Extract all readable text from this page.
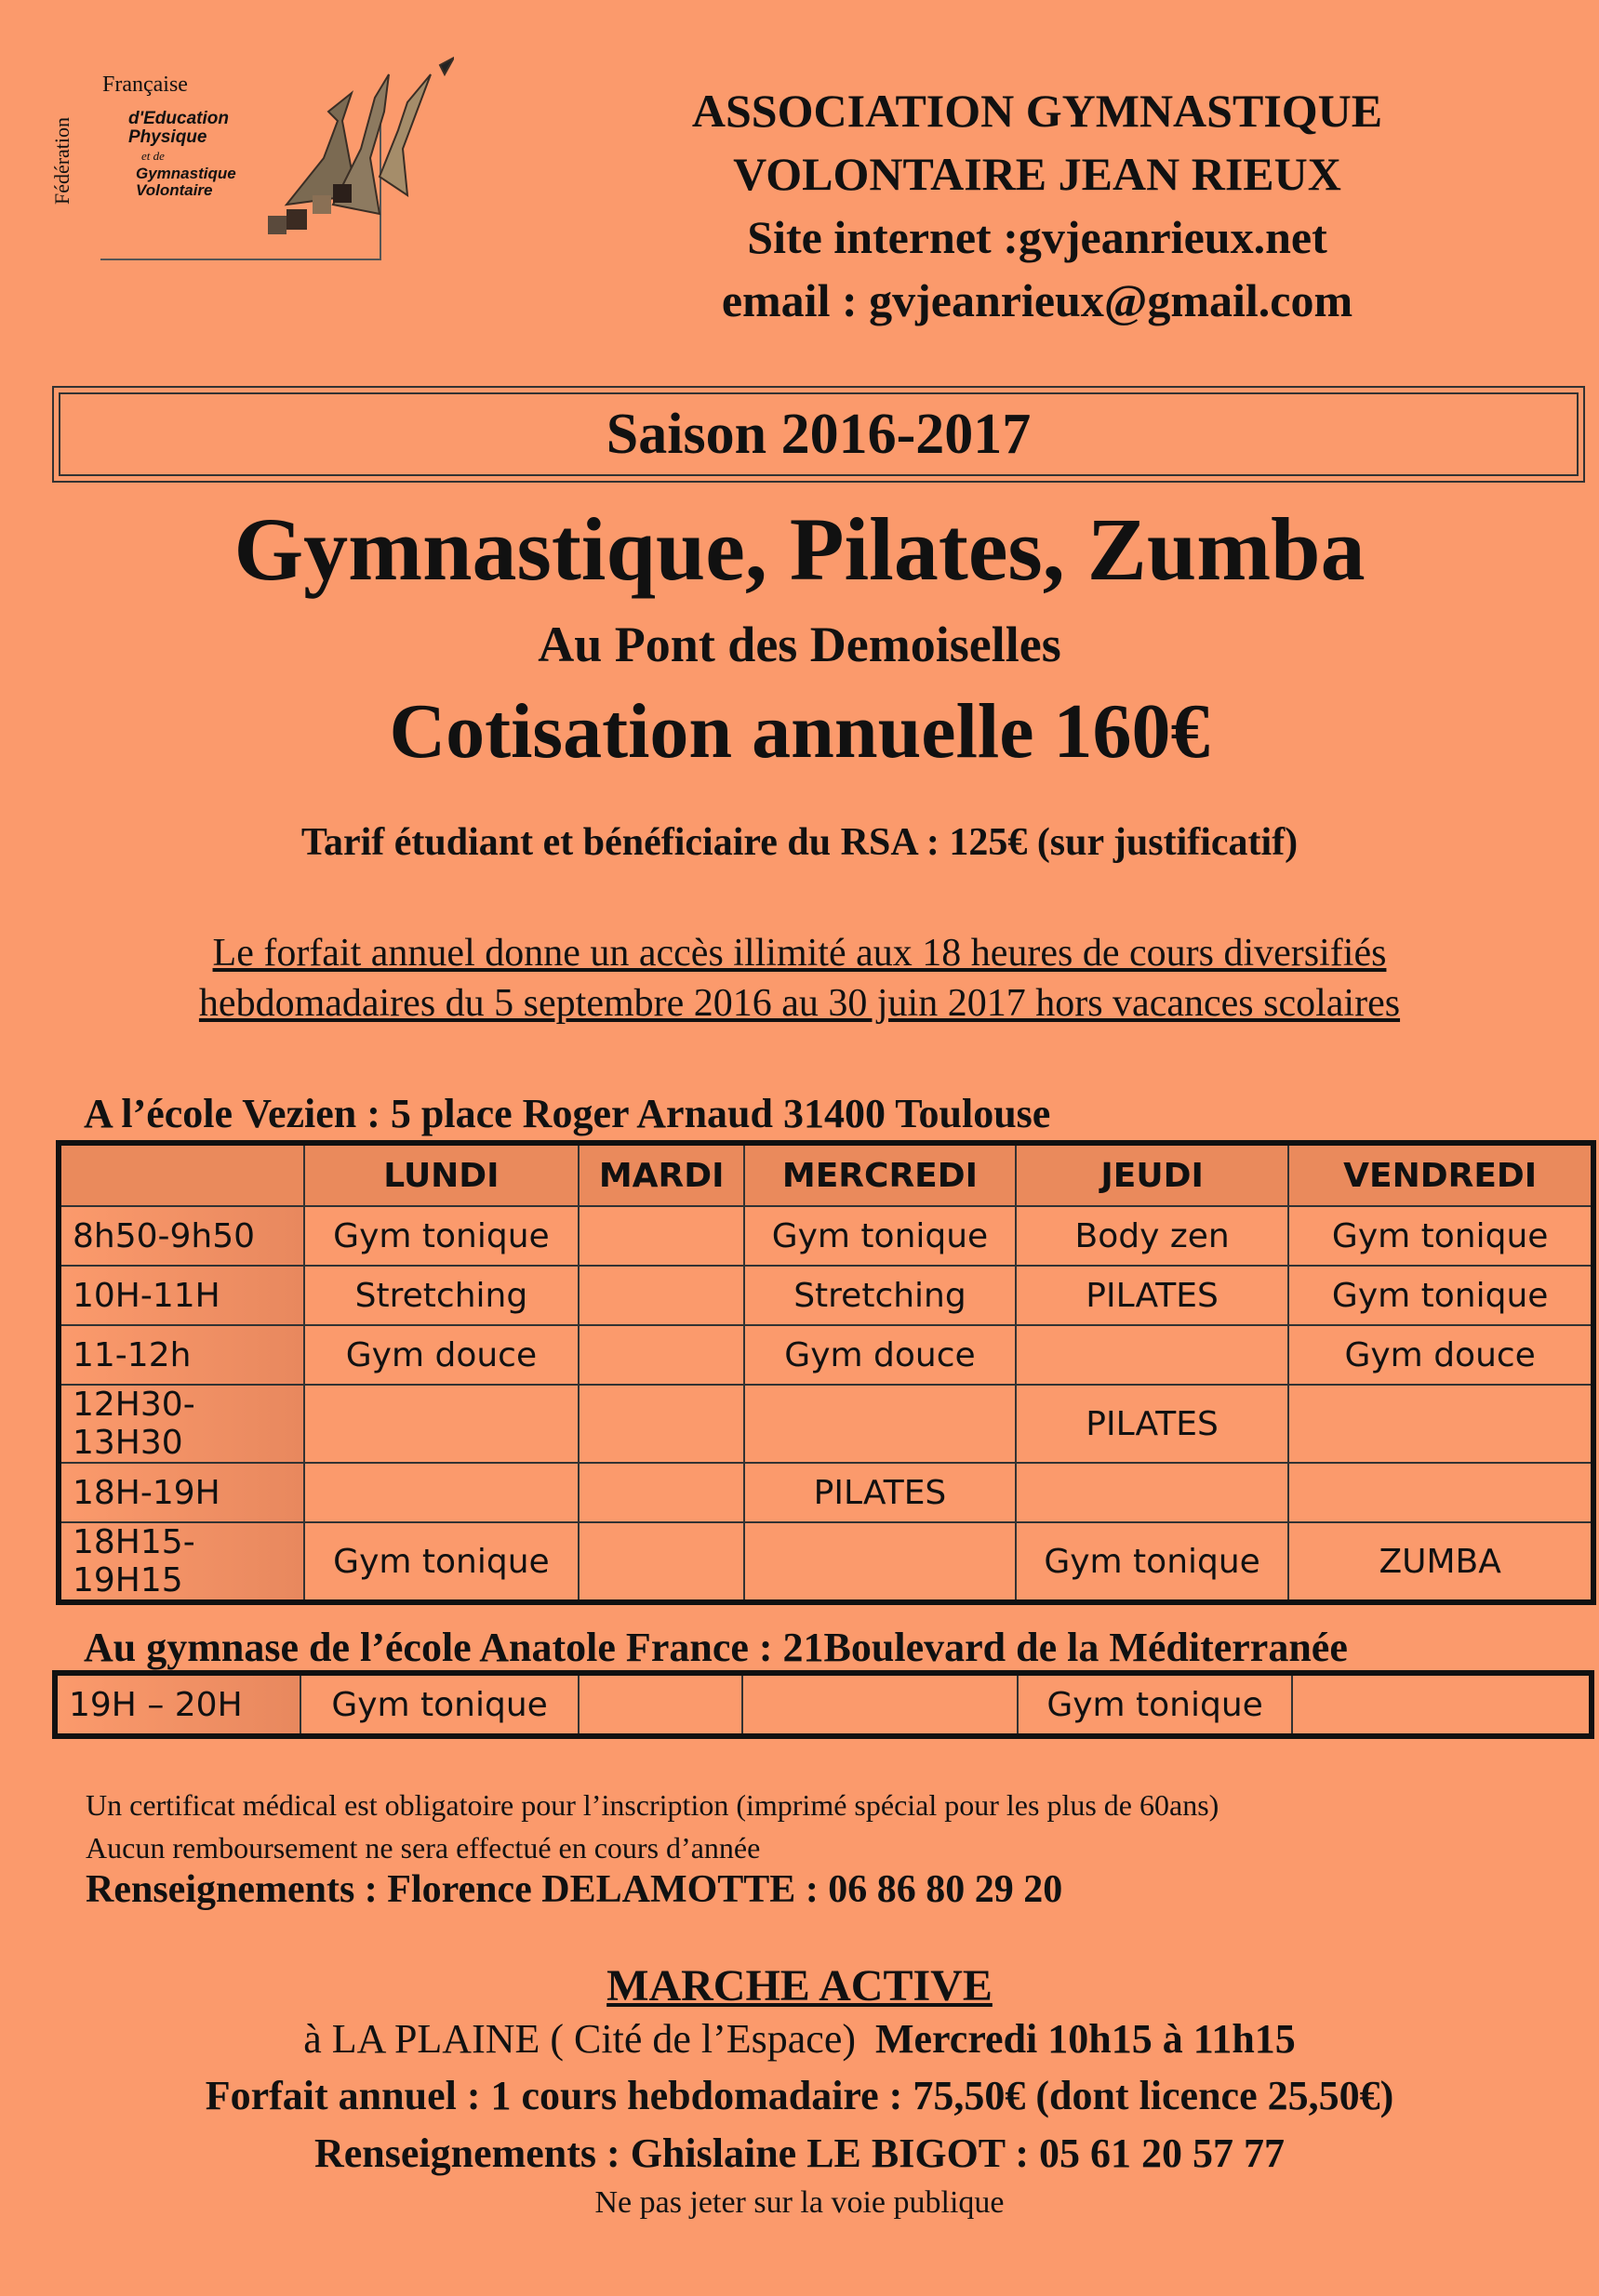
Fédération
Française
d'Education
Physique
et de
Gymnastique
Volontaire
ASSOCIATION GYMNASTIQUE
VOLONTAIRE JEAN RIEUX
Site internet :gvjeanrieux.net
email : gvjeanrieux@gmail.com
Saison 2016-2017
Gymnastique, Pilates, Zumba
Au Pont des Demoiselles
Cotisation annuelle 160€
Tarif étudiant et bénéficiaire du RSA : 125€ (sur justificatif)
Le forfait annuel donne un accès illimité aux 18 heures de cours diversifiés
hebdomadaires du 5 septembre 2016 au 30 juin 2017 hors vacances scolaires
A l’école Vezien : 5 place Roger Arnaud 31400 Toulouse
	LUNDI	MARDI	MERCREDI	JEUDI	VENDREDI
8h50-9h50	Gym tonique		Gym tonique	Body zen	Gym tonique
10H-11H	Stretching		Stretching	PILATES	Gym tonique
11-12h	Gym douce		Gym douce		Gym douce
12H30-13H30				PILATES	
18H-19H			PILATES		
18H15-19H15	Gym tonique			Gym tonique	ZUMBA
Au gymnase de l’école Anatole France : 21Boulevard de la Méditerranée
19H – 20H	Gym tonique			Gym tonique	
Un certificat médical est obligatoire pour l’inscription (imprimé spécial pour les plus de 60ans)
Aucun remboursement ne sera effectué en cours d’année
Renseignements : Florence DELAMOTTE : 06 86 80 29 20
MARCHE ACTIVE
à LA PLAINE ( Cité de l’Espace) Mercredi 10h15 à 11h15
Forfait annuel : 1 cours hebdomadaire : 75,50€ (dont licence 25,50€)
Renseignements : Ghislaine LE BIGOT : 05 61 20 57 77
Ne pas jeter sur la voie publique
